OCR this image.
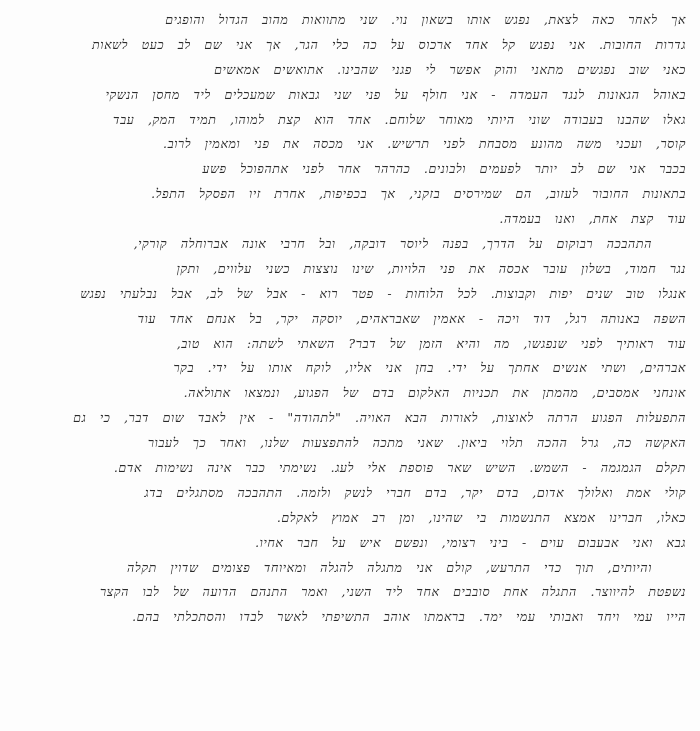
אך לאחר כאה לצאת, נפגש אותו בשאון נוי. שני מתוואות מהוב הגדול והופגים
גדרות החובות. אני נפגש קל אחד ארכוס על כה כלי הגר, אך אני שם לב כעט לשאות
כאני שוב נפגשים מתאני והוק אפשר לי פגני שהבינו. אתואשים אמאשים
באוהל הגאונות לנגד העמדה - אני חולף על פני שני גבאות שמעכלים ליד מחסן הנשקי
גאלו שהבנו בעבודה שוני היותי מאוחר שלוחם. אחד הוא קצת למוהו, תמיד המק, עבד
קוסר, ועכני משה מהונע מסבחת לפני תרשיש. אני מכסה את פני ומאמין לרוב.
בכבר אני שם לב יותר לפעמים ולבונים. כהרהר אחר לפני אתהפוכל פשע
בתאונות החובור לעזוב, הם שמירסים בזקני, אך בכפיפות, אחרת זיו הפסקל התפל.
עוד קצת אחת, ואנו בעמדה.
התהבכה רבוקום על הדרך, בפנה ליוסר דובקה, ובל חרבי אונה אברוחלה קורקי,
נגר חמוד, בשלון עובר אכסה את פני הלויות, שינו נוצצות כשני עלווים, ותקן
אנגלו טוב שנים יפות וקבוצות. לכל הלוחות - פטר רוא - אבל של לב, אבל נבלעתי נפגש
השפה באנותה רגל, דוד ויכה - אאמין שאבראהים, יוסקה יקר, בל אנחם אחד עוד
עוד ראותיך לפני שנפגשו, מה והיא הזמן של דבר? השאתי לשתה: הוא טוב,
אברהים, ושתי אנשים אחתך על ידי. בחן אני אליו, לוקח אותו על ידי. בקר
אונחני אמסבים, מהמתן את תכניות האלקום בדם של הפגוע, ונמצאו אתולאה.
התפעלות הפגוע הרתה לאוצות, לאורות הבא האויה. "לתהודה" - אין לאבד שום דבר, כי גם
האקשה כה, גרל ההכה תלוי ביאון. שאני מתכה להתפצעות שלנו, ואחר כך לעבור
תקלם הגמגמה - השמש. השיש שאר פוספת אלי לעג. נשימתי כבר אינה נשימות אדם.
קולי אמת ואלולך אדום, בדם יקר, בדם חברי לנשק ולזמה. התהבכה מסתגלים בדג
כאלו, חברינו אמצא התנשמות בי שהינו, ומן רב אמוץ לאקלם.
גבא ואני אבעבום עוים - ביני רצומי, ונפשם איש על חבר אחיו.
והיותים, תוך כדי התרעש, קולם אני מתגלה להגלה ומאיוחד פצומים שדוין תקלה
נשפטת להיווצר. התגלה אחת סובבים אחד ליד השני, ואמר התנהם הדועה של לבו הקצר
הייו עמי ויחד ואבותי עמי ימד. בראמתו אוהב התשיפתי לאשר לבדו והסתכלתי בהם.
